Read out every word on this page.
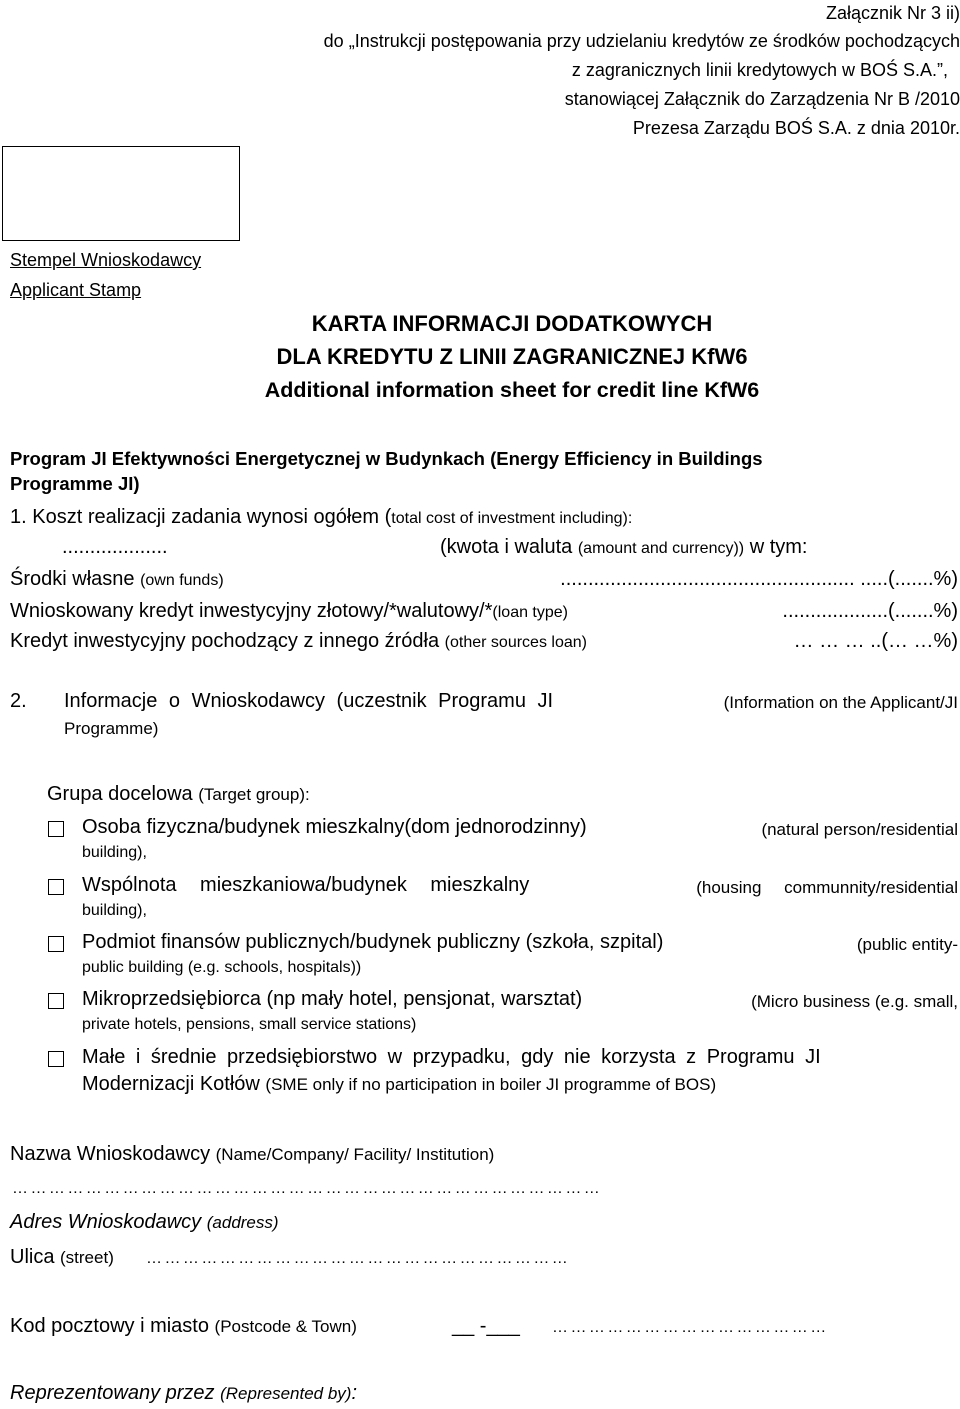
Załącznik Nr 3 ii)
do „Instrukcji postępowania przy udzielaniu kredytów ze środków pochodzących
z zagranicznych linii kredytowych w BOŚ S.A.”,
stanowiącej Załącznik do Zarządzenia Nr B /2010
Prezesa Zarządu BOŚ S.A. z dnia 2010r.
Stempel Wnioskodawcy
Applicant Stamp
KARTA INFORMACJI DODATKOWYCH
DLA KREDYTU Z LINII ZAGRANICZNEJ KfW6
Additional information sheet for credit line KfW6
Program JI Efektywności Energetycznej w Budynkach (Energy Efficiency in Buildings
Programme JI)
1. Koszt realizacji zadania wynosi ogółem (total cost of investment including):
...................	(kwota i waluta (amount and currency)) w tym:
Środki własne (own funds)	..................................................... .....(.......%)
Wnioskowany kredyt inwestycyjny złotowy/*walutowy/*(loan type)	...................(.......%)
Kredyt inwestycyjny pochodzący z innego źródła (other sources loan)	… … … ..(… …%)
2. Informacje o Wnioskodawcy (uczestnik Programu JI	(Information on the Applicant/JI
Programme)
Grupa docelowa (Target group):
Osoba fizyczna/budynek mieszkalny(dom jednorodzinny)	(natural person/residential
building),
Wspólnota mieszkaniowa/budynek mieszkalny	(housing communnity/residential
building),
Podmiot finansów publicznych/budynek publiczny (szkoła, szpital)	(public entity-
public building (e.g. schools, hospitals))
Mikroprzedsiębiorca (np mały hotel, pensjonat, warsztat)	(Micro business (e.g. small,
private hotels, pensions, small service stations)
Małe i średnie przedsiębiorstwo w przypadku, gdy nie korzysta z Programu JI
Modernizacji Kotłów (SME only if no participation in boiler JI programme of BOS)
Nazwa Wnioskodawcy (Name/Company/ Facility/ Institution)
… … … … … … … … … … … … … … … … … … … … … … … … … … … … … … … …
Adres Wnioskodawcy (address)
Ulica (street) … … … … … … … … … … … … … … … … … … … … … … …
Kod pocztowy i miasto (Postcode & Town)	__ -___ … … … … … … … … … … … … … … …
Reprezentowany przez (Represented by):
